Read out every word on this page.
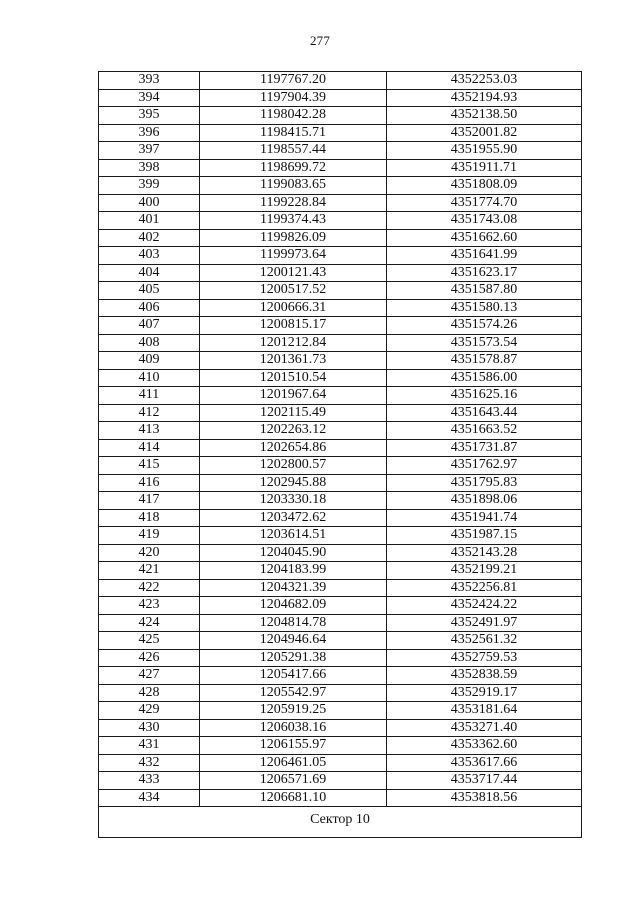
277
393	1197767.20	4352253.03
394	1197904.39	4352194.93
395	1198042.28	4352138.50
396	1198415.71	4352001.82
397	1198557.44	4351955.90
398	1198699.72	4351911.71
399	1199083.65	4351808.09
400	1199228.84	4351774.70
401	1199374.43	4351743.08
402	1199826.09	4351662.60
403	1199973.64	4351641.99
404	1200121.43	4351623.17
405	1200517.52	4351587.80
406	1200666.31	4351580.13
407	1200815.17	4351574.26
408	1201212.84	4351573.54
409	1201361.73	4351578.87
410	1201510.54	4351586.00
411	1201967.64	4351625.16
412	1202115.49	4351643.44
413	1202263.12	4351663.52
414	1202654.86	4351731.87
415	1202800.57	4351762.97
416	1202945.88	4351795.83
417	1203330.18	4351898.06
418	1203472.62	4351941.74
419	1203614.51	4351987.15
420	1204045.90	4352143.28
421	1204183.99	4352199.21
422	1204321.39	4352256.81
423	1204682.09	4352424.22
424	1204814.78	4352491.97
425	1204946.64	4352561.32
426	1205291.38	4352759.53
427	1205417.66	4352838.59
428	1205542.97	4352919.17
429	1205919.25	4353181.64
430	1206038.16	4353271.40
431	1206155.97	4353362.60
432	1206461.05	4353617.66
433	1206571.69	4353717.44
434	1206681.10	4353818.56
Сектор 10		
